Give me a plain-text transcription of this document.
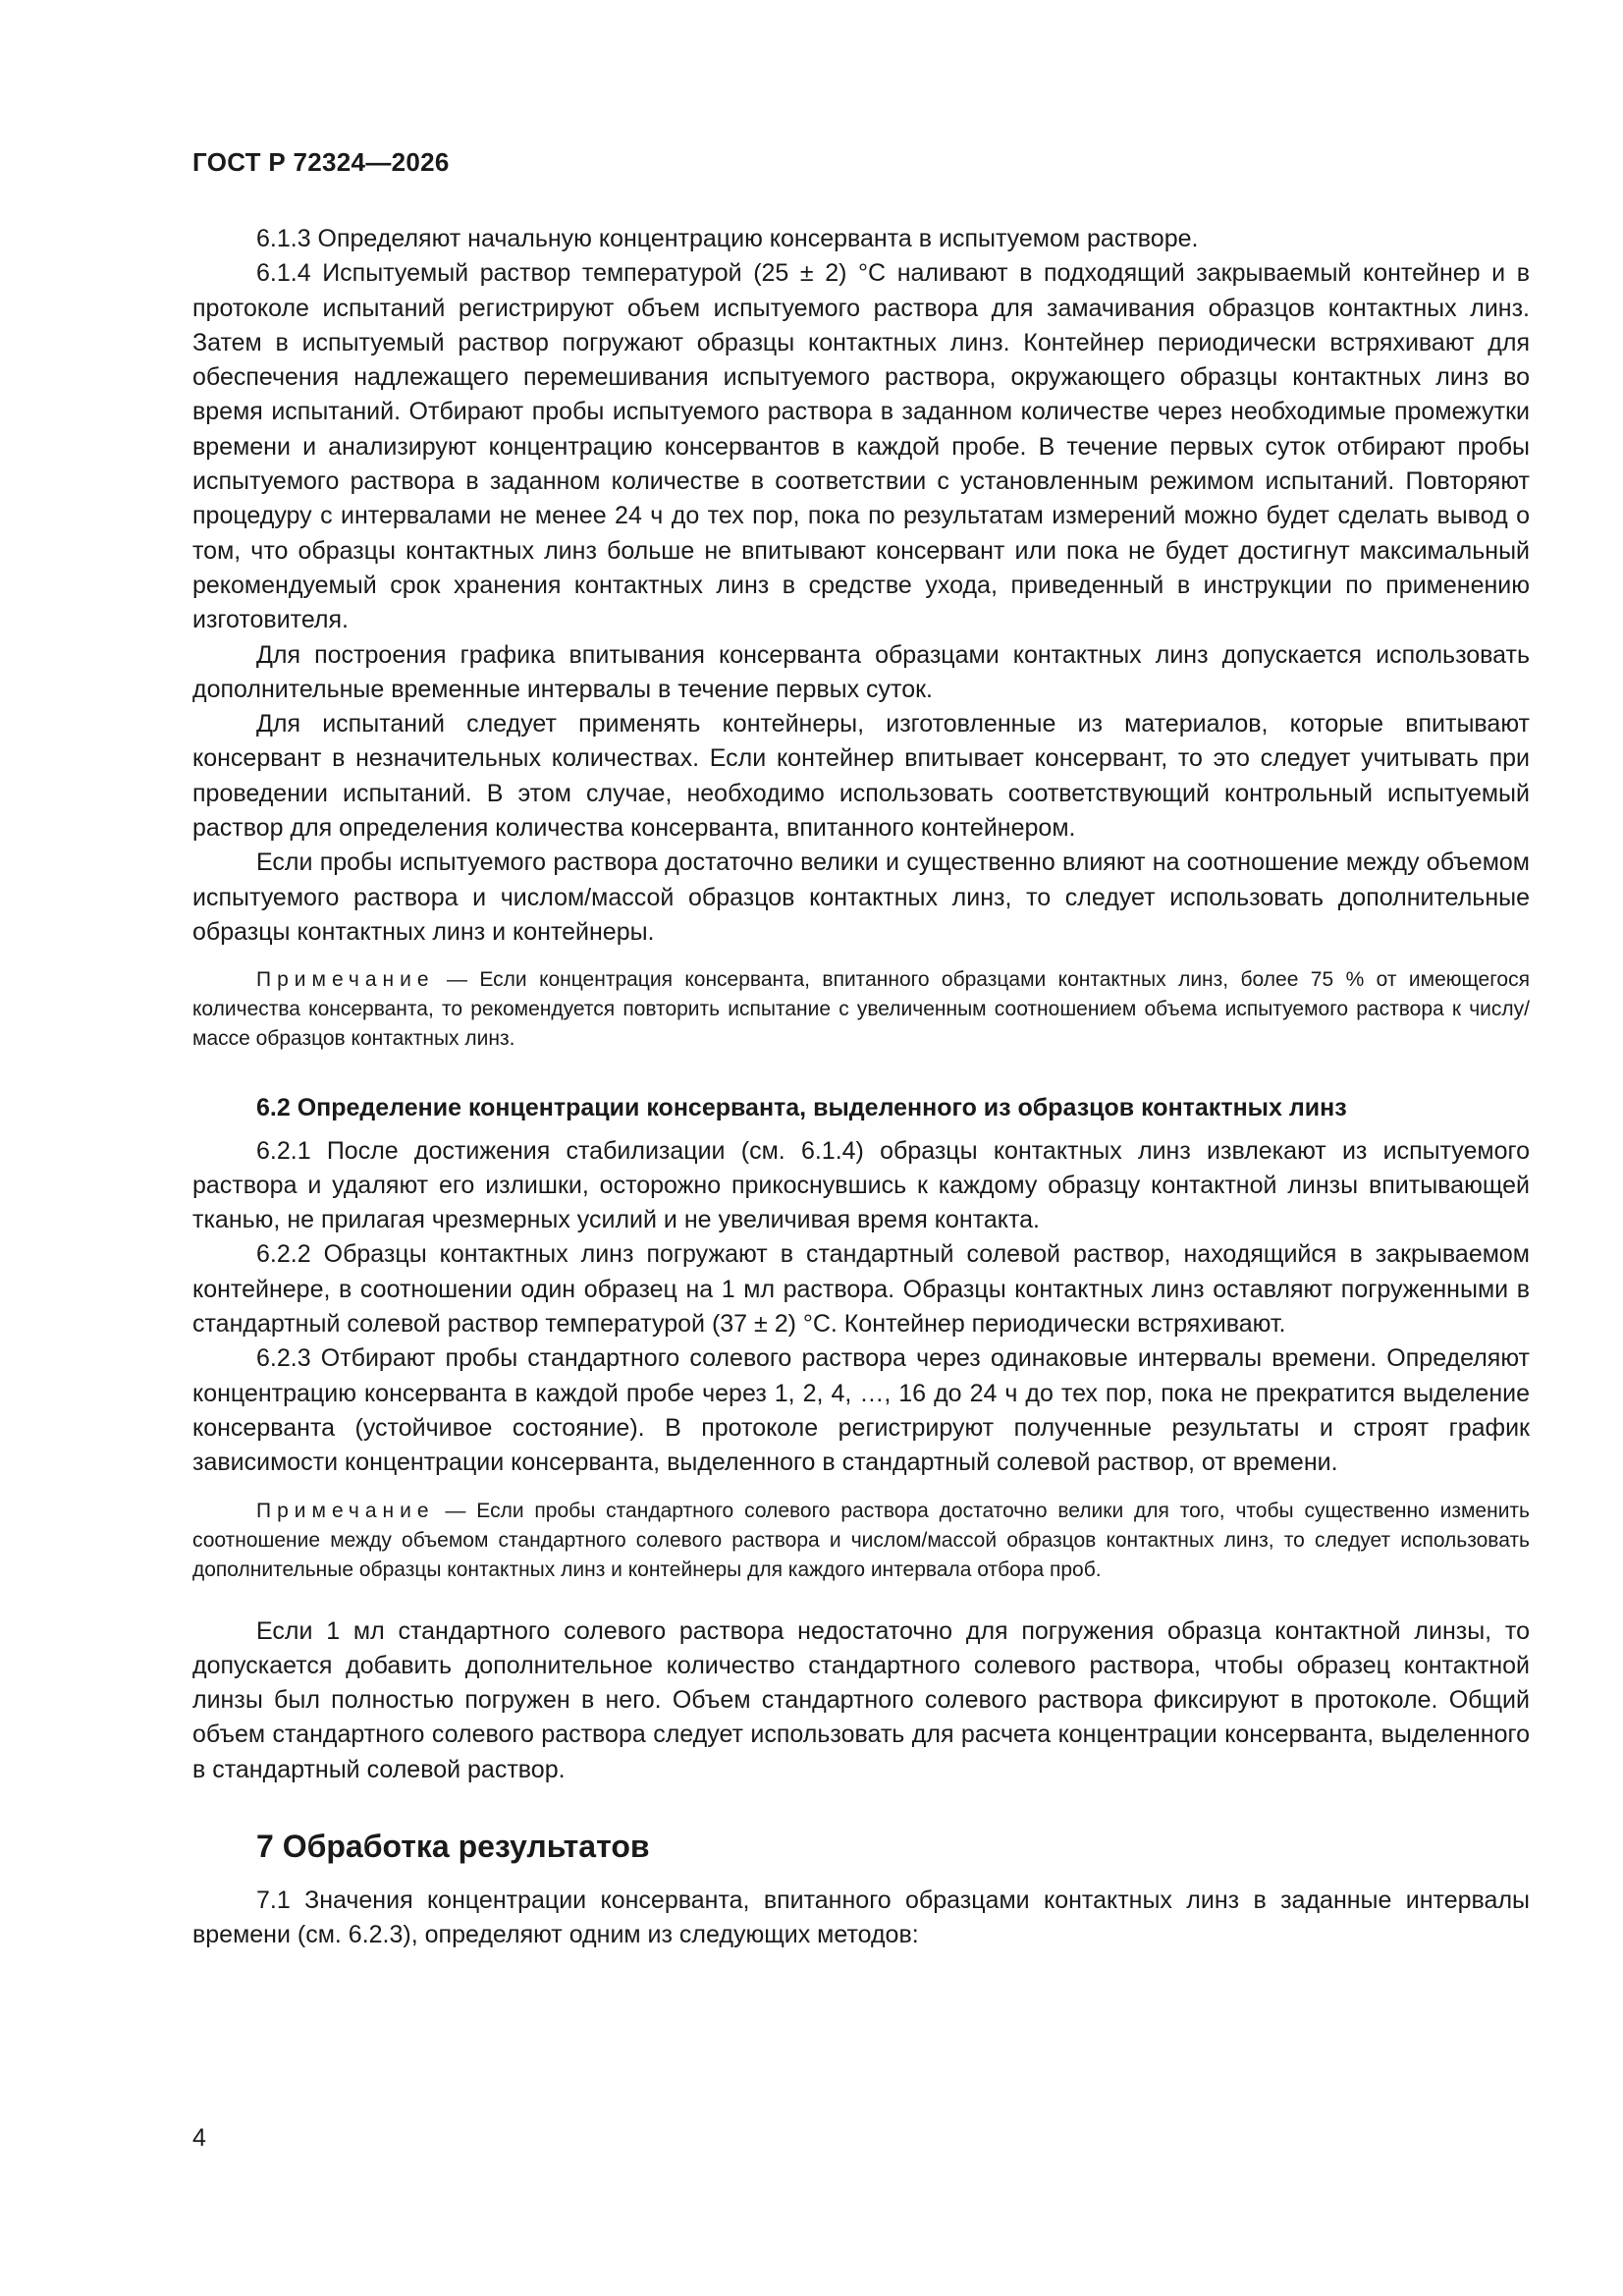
ГОСТ Р 72324—2026

6.1.3 Определяют начальную концентрацию консерванта в испытуемом растворе.

6.1.4 Испытуемый раствор температурой (25 ± 2) °С наливают в подходящий закрываемый контейнер и в протоколе испытаний регистрируют объем испытуемого раствора для замачивания образцов контактных линз. Затем в испытуемый раствор погружают образцы контактных линз. Контейнер периодически встряхивают для обеспечения надлежащего перемешивания испытуемого раствора, окружающего образцы контактных линз во время испытаний. Отбирают пробы испытуемого раствора в заданном количестве через необходимые промежутки времени и анализируют концентрацию консервантов в каждой пробе. В течение первых суток отбирают пробы испытуемого раствора в заданном количестве в соответствии с установленным режимом испытаний. Повторяют процедуру с интервалами не менее 24 ч до тех пор, пока по результатам измерений можно будет сделать вывод о том, что образцы контактных линз больше не впитывают консервант или пока не будет достигнут максимальный рекомендуемый срок хранения контактных линз в средстве ухода, приведенный в инструкции по применению изготовителя.

Для построения графика впитывания консерванта образцами контактных линз допускается использовать дополнительные временные интервалы в течение первых суток.

Для испытаний следует применять контейнеры, изготовленные из материалов, которые впитывают консервант в незначительных количествах. Если контейнер впитывает консервант, то это следует учитывать при проведении испытаний. В этом случае, необходимо использовать соответствующий контрольный испытуемый раствор для определения количества консерванта, впитанного контейнером.

Если пробы испытуемого раствора достаточно велики и существенно влияют на соотношение между объемом испытуемого раствора и числом/массой образцов контактных линз, то следует использовать дополнительные образцы контактных линз и контейнеры.

Примечание — Если концентрация консерванта, впитанного образцами контактных линз, более 75 % от имеющегося количества консерванта, то рекомендуется повторить испытание с увеличенным соотношением объема испытуемого раствора к числу/массе образцов контактных линз.

6.2 Определение концентрации консерванта, выделенного из образцов контактных линз

6.2.1 После достижения стабилизации (см. 6.1.4) образцы контактных линз извлекают из испытуемого раствора и удаляют его излишки, осторожно прикоснувшись к каждому образцу контактной линзы впитывающей тканью, не прилагая чрезмерных усилий и не увеличивая время контакта.

6.2.2 Образцы контактных линз погружают в стандартный солевой раствор, находящийся в закрываемом контейнере, в соотношении один образец на 1 мл раствора. Образцы контактных линз оставляют погруженными в стандартный солевой раствор температурой (37 ± 2) °С. Контейнер периодически встряхивают.

6.2.3 Отбирают пробы стандартного солевого раствора через одинаковые интервалы времени. Определяют концентрацию консерванта в каждой пробе через 1, 2, 4, …, 16 до 24 ч до тех пор, пока не прекратится выделение консерванта (устойчивое состояние). В протоколе регистрируют полученные результаты и строят график зависимости концентрации консерванта, выделенного в стандартный солевой раствор, от времени.

Примечание — Если пробы стандартного солевого раствора достаточно велики для того, чтобы существенно изменить соотношение между объемом стандартного солевого раствора и числом/массой образцов контактных линз, то следует использовать дополнительные образцы контактных линз и контейнеры для каждого интервала отбора проб.

Если 1 мл стандартного солевого раствора недостаточно для погружения образца контактной линзы, то допускается добавить дополнительное количество стандартного солевого раствора, чтобы образец контактной линзы был полностью погружен в него. Объем стандартного солевого раствора фиксируют в протоколе. Общий объем стандартного солевого раствора следует использовать для расчета концентрации консерванта, выделенного в стандартный солевой раствор.

7 Обработка результатов

7.1 Значения концентрации консерванта, впитанного образцами контактных линз в заданные интервалы времени (см. 6.2.3), определяют одним из следующих методов:

4
